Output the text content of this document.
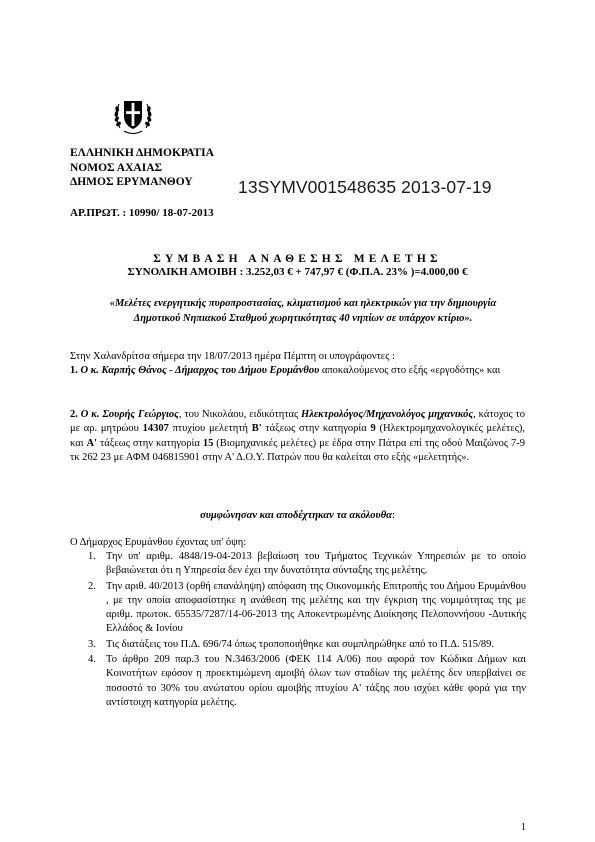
ΕΛΛΗΝΙΚΗ ΔΗΜΟΚΡΑΤΙΑ
ΝΟΜΟΣ ΑΧΑΙΑΣ
ΔΗΜΟΣ ΕΡΥΜΑΝΘΟΥ	13SYMV001548635 2013-07-19
ΑΡ.ΠΡΩΤ. : 10990/ 18-07-2013
ΣΥΜΒΑΣΗ ΑΝΑΘΕΣΗΣ ΜΕΛΕΤΗΣ
ΣΥΝΟΛΙΚΗ ΑΜΟΙΒΗ : 3.252,03 € + 747,97 € (Φ.Π.Α. 23% )=4.000,00 €
«Μελέτες ενεργητικής πυροπροστασίας, κλιματισμού και ηλεκτρικών για την δημιουργία Δημοτικού Νηπιακού Σταθμού χωρητικότητας 40 νηπίων σε υπάρχον κτίριο».
Στην Χαλανδρίτσα σήμερα την 18/07/2013 ημέρα Πέμπτη οι υπογράφοντες :
1. Ο κ. Καρπής Θάνος - Δήμαρχος του Δήμου Ερυμάνθου αποκαλούμενος στο εξής «εργοδότης» και
2. Ο κ. Σουρής Γεώργιος, του Νικολάου, ειδικότητας Ηλεκτρολόγος/Μηχανολόγος μηχανικός, κάτοχος το με αρ. μητρώου 14307 πτυχίου μελετητή Β' τάξεως στην κατηγορία 9 (Ηλεκτρομηχανολογικές μελέτες), και Α' τάξεως στην κατηγορία 15 (Βιομηχανικές μελέτες) με έδρα στην Πάτρα επί της οδού Μαιζώνος 7-9 τκ 262 23 με ΑΦΜ 046815901 στην Α' Δ.Ο.Υ. Πατρών που θα καλείται στο εξής «μελετητής».
συμφώνησαν και αποδέχτηκαν τα ακόλουθα:
Ο Δήμαρχος Ερυμάνθου έχοντας υπ' όψη:
1. Την υπ' αριθμ. 4848/19-04-2013 βεβαίωση του Τμήματος Τεχνικών Υπηρεσιών με το οποίο βεβαιώνεται ότι η Υπηρεσία δεν έχει την δυνατότητα σύνταξης της μελέτης.
2. Την αριθ. 40/2013 (ορθή επανάληψη) απόφαση της Οικονομικής Επιτροπής του Δήμου Ερυμάνθου , με την οποία αποφασίστηκε η ανάθεση της μελέτης και την έγκριση της νομιμότητας της με αριθμ. πρωτοκ. 65535/7287/14-06-2013 της Αποκεντρωμένης Διοίκησης Πελοποννήσου -Δυτικής Ελλάδος & Ιονίου
3. Τις διατάξεις του Π.Δ. 696/74 όπως τροποποιήθηκε και συμπληρώθηκε από το Π.Δ. 515/89.
4. Το άρθρο 209 παρ.3 του Ν.3463/2006 (ΦΕΚ 114 Α/06) που αφορά τον Κώδικα Δήμων και Κοινοτήτων εφόσον η προεκτιμώμενη αμοιβή όλων των σταδίων της μελέτης δεν υπερβαίνει σε ποσοστό το 30% του ανώτατου ορίου αμοιβής πτυχίου Α' τάξης που ισχύει κάθε φορά για την αντίστοιχη κατηγορία μελέτης.
1
